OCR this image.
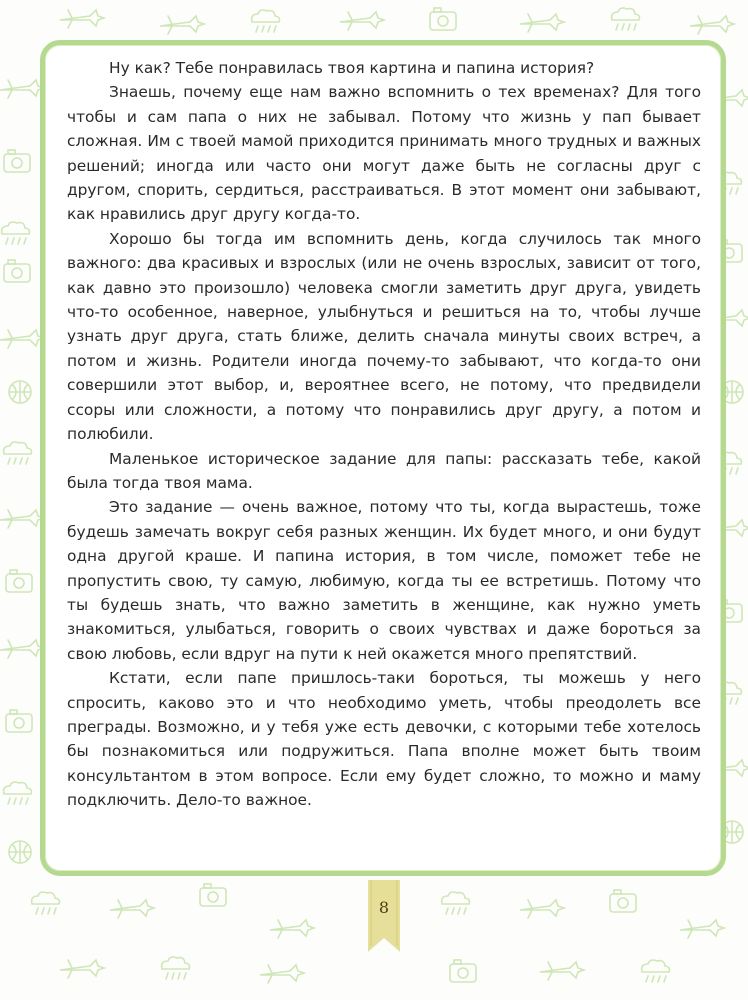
Ну как? Тебе понравилась твоя картина и папина история?

Знаешь, почему еще нам важно вспомнить о тех временах? Для того чтобы и сам папа о них не забывал. Потому что жизнь у пап бывает сложная. Им с твоей мамой приходится принимать много трудных и важных решений; иногда или часто они могут даже быть не согласны друг с другом, спорить, сердиться, расстраиваться. В этот момент они забывают, как нравились друг другу когда-то.

Хорошо бы тогда им вспомнить день, когда случилось так много важного: два красивых и взрослых (или не очень взрослых, зависит от того, как давно это произошло) человека смогли заметить друг друга, увидеть что-то особенное, наверное, улыбнуться и решиться на то, чтобы лучше узнать друг друга, стать ближе, делить сначала минуты своих встреч, а потом и жизнь. Родители иногда почему-то забывают, что когда-то они совершили этот выбор, и, вероятнее всего, не потому, что предвидели ссоры или сложности, а потому что понравились друг другу, а потом и полюбили.

Маленькое историческое задание для папы: рассказать тебе, какой была тогда твоя мама.

Это задание — очень важное, потому что ты, когда вырастешь, тоже будешь замечать вокруг себя разных женщин. Их будет много, и они будут одна другой краше. И папина история, в том числе, поможет тебе не пропустить свою, ту самую, любимую, когда ты ее встретишь. Потому что ты будешь знать, что важно заметить в женщине, как нужно уметь знакомиться, улыбаться, говорить о своих чувствах и даже бороться за свою любовь, если вдруг на пути к ней окажется много препятствий.

Кстати, если папе пришлось-таки бороться, ты можешь у него спросить, каково это и что необходимо уметь, чтобы преодолеть все преграды. Возможно, и у тебя уже есть девочки, с которыми тебе хотелось бы познакомиться или подружиться. Папа вполне может быть твоим консультантом в этом вопросе. Если ему будет сложно, то можно и маму подключить. Дело-то важное.

8
